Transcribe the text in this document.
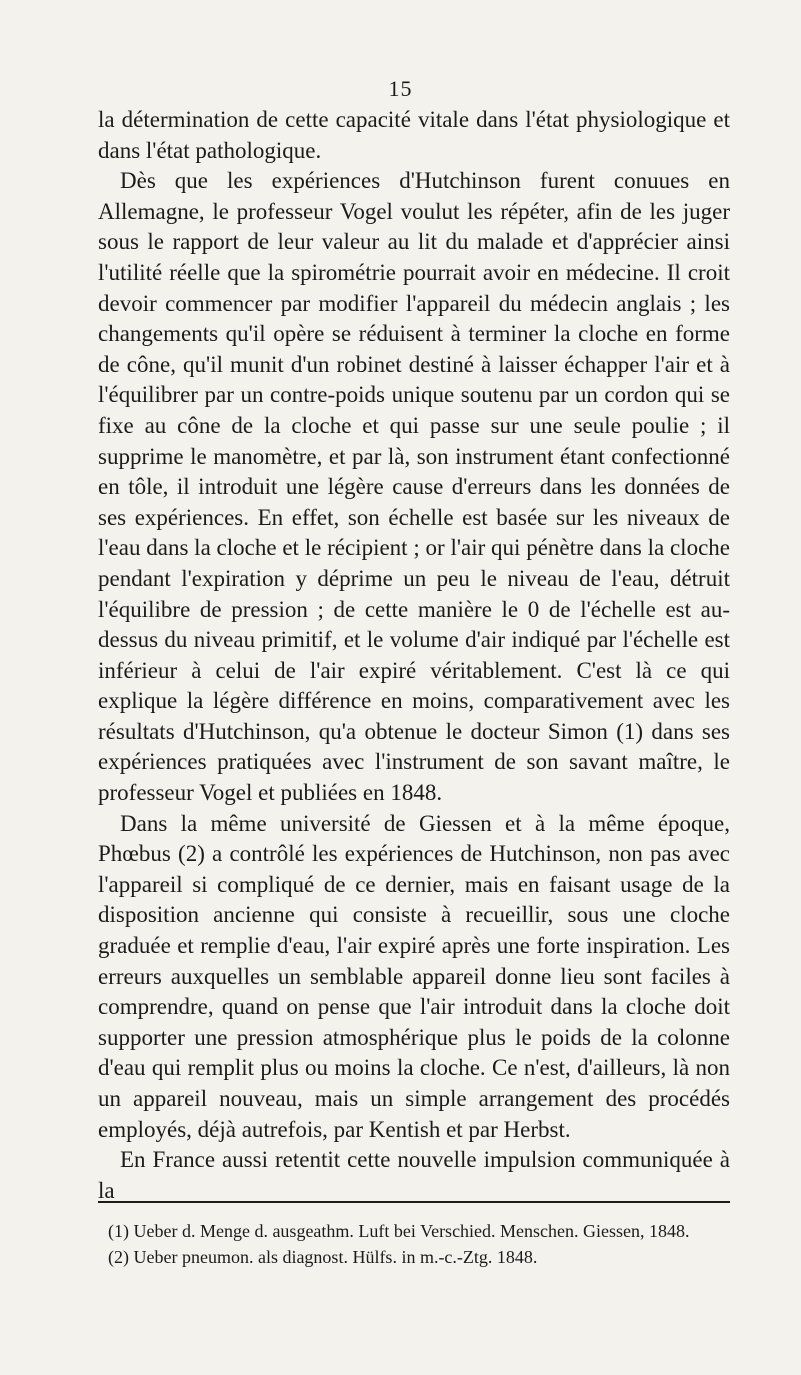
15

la détermination de cette capacité vitale dans l'état physiologique et dans l'état pathologique.

Dès que les expériences d'Hutchinson furent conuues en Allemagne, le professeur Vogel voulut les répéter, afin de les juger sous le rapport de leur valeur au lit du malade et d'apprécier ainsi l'utilité réelle que la spirométrie pourrait avoir en médecine. Il croit devoir commencer par modifier l'appareil du médecin anglais ; les changements qu'il opère se réduisent à terminer la cloche en forme de cône, qu'il munit d'un robinet destiné à laisser échapper l'air et à l'équilibrer par un contre-poids unique soutenu par un cordon qui se fixe au cône de la cloche et qui passe sur une seule poulie ; il supprime le manomètre, et par là, son instrument étant confectionné en tôle, il introduit une légère cause d'erreurs dans les données de ses expériences. En effet, son échelle est basée sur les niveaux de l'eau dans la cloche et le récipient ; or l'air qui pénètre dans la cloche pendant l'expiration y déprime un peu le niveau de l'eau, détruit l'équilibre de pression ; de cette manière le 0 de l'échelle est au-dessus du niveau primitif, et le volume d'air indiqué par l'échelle est inférieur à celui de l'air expiré véritablement. C'est là ce qui explique la légère différence en moins, comparativement avec les résultats d'Hutchinson, qu'a obtenue le docteur Simon (1) dans ses expériences pratiquées avec l'instrument de son savant maître, le professeur Vogel et publiées en 1848.

Dans la même université de Giessen et à la même époque, Phœbus (2) a contrôlé les expériences de Hutchinson, non pas avec l'appareil si compliqué de ce dernier, mais en faisant usage de la disposition ancienne qui consiste à recueillir, sous une cloche graduée et remplie d'eau, l'air expiré après une forte inspiration. Les erreurs auxquelles un semblable appareil donne lieu sont faciles à comprendre, quand on pense que l'air introduit dans la cloche doit supporter une pression atmosphérique plus le poids de la colonne d'eau qui remplit plus ou moins la cloche. Ce n'est, d'ailleurs, là non un appareil nouveau, mais un simple arrangement des procédés employés, déjà autrefois, par Kentish et par Herbst.

En France aussi retentit cette nouvelle impulsion communiquée à la

(1) Ueber d. Menge d. ausgeathm. Luft bei Verschied. Menschen. Giessen, 1848.

(2) Ueber pneumon. als diagnost. Hülfs. in m.-c.-Ztg. 1848.
